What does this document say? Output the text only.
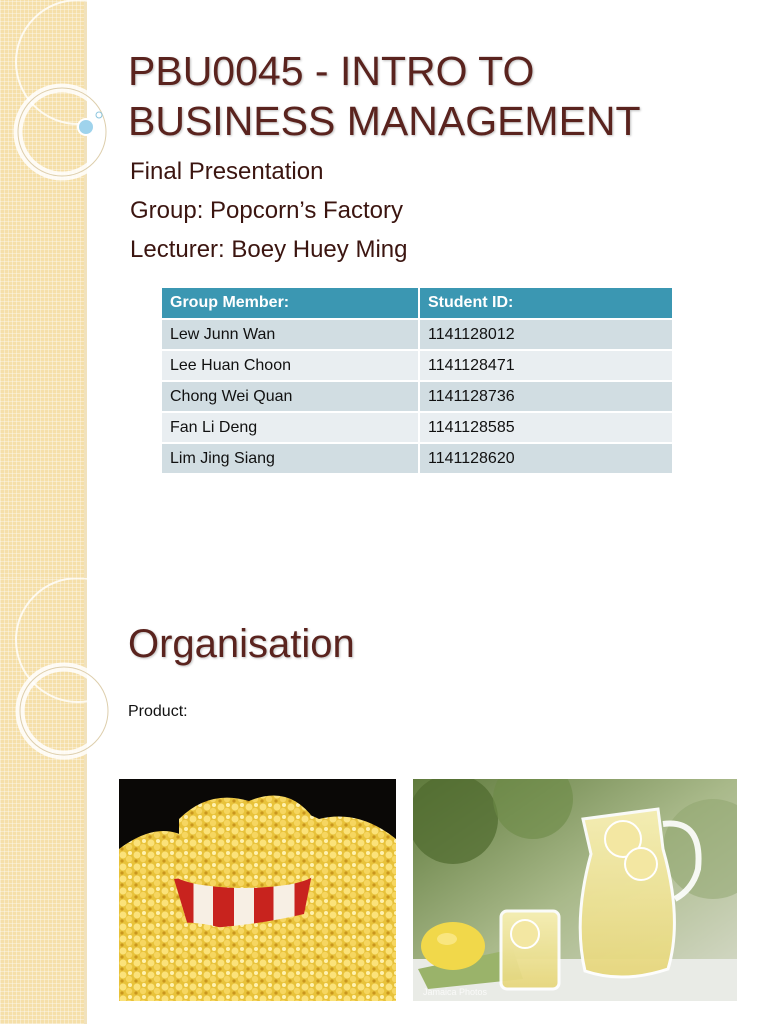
PBU0045 - INTRO TO BUSINESS MANAGEMENT
Final Presentation
Group: Popcorn’s Factory
Lecturer: Boey Huey Ming
Group Member:	Student ID:
Lew Junn Wan	1141128012
Lee Huan Choon	1141128471
Chong Wei Quan	1141128736
Fan Li Deng	1141128585
Lim Jing Siang	1141128620
Organisation
Product:
Jamaica Photos
